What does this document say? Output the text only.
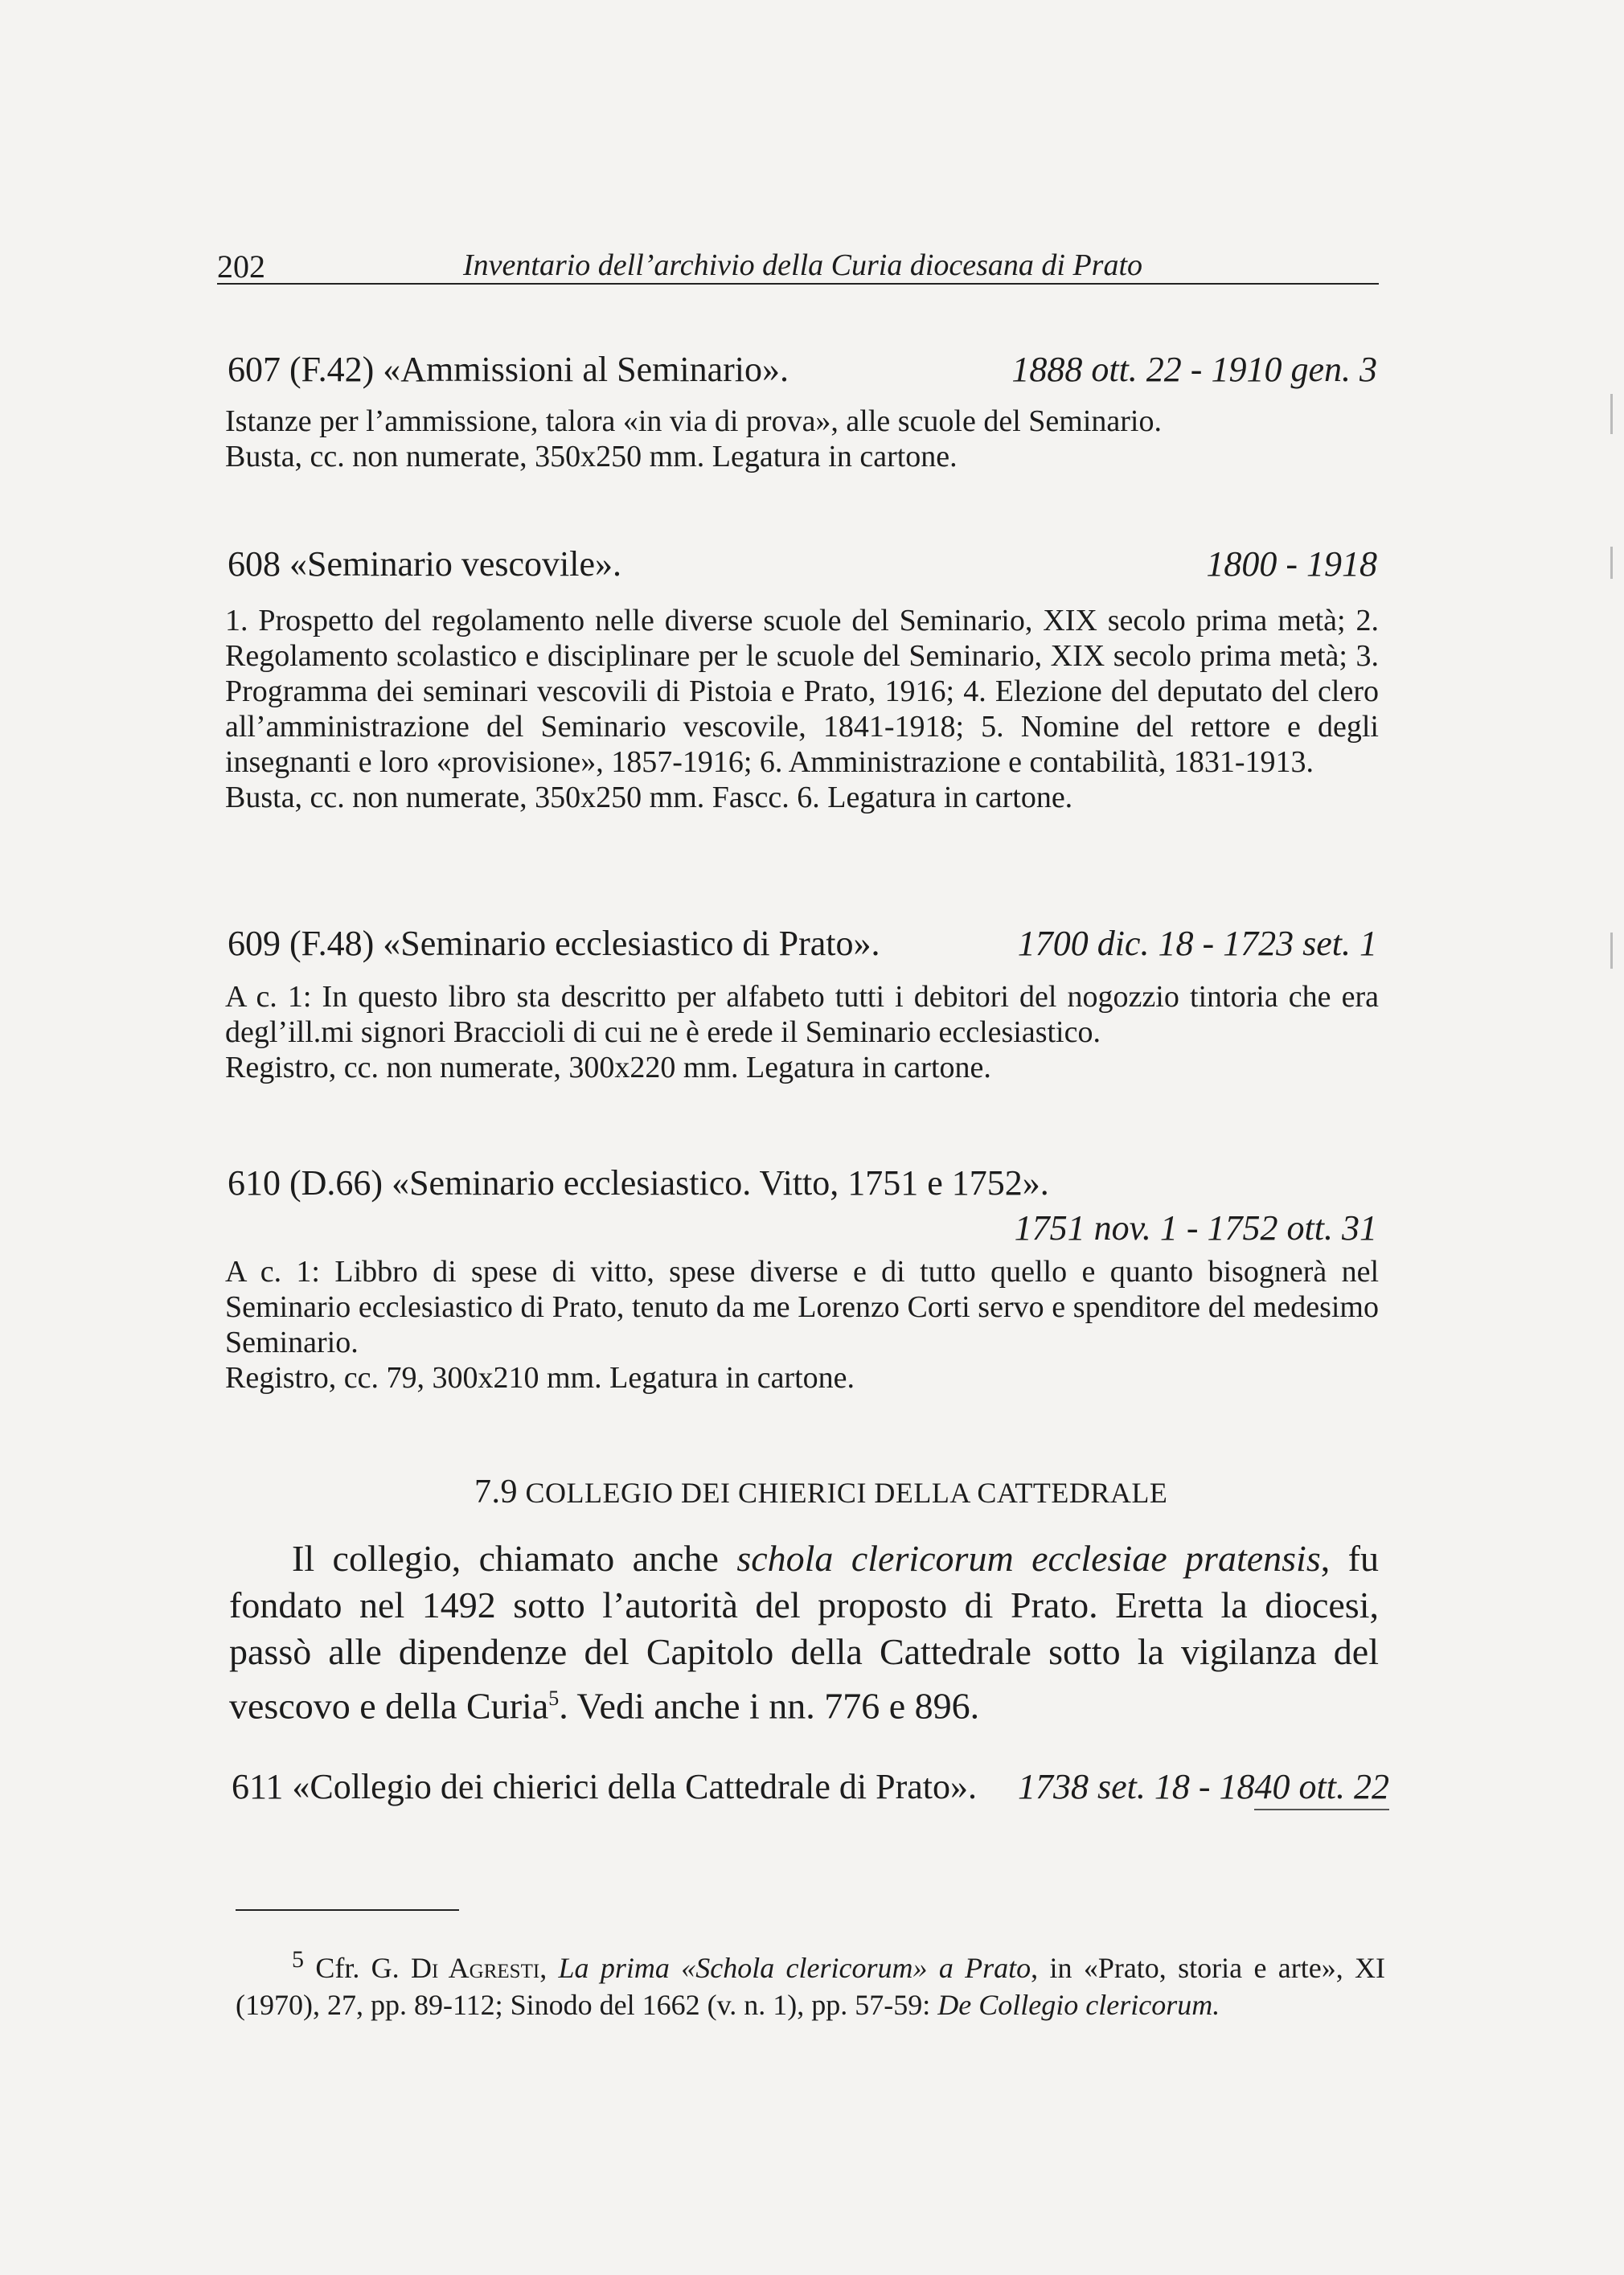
202	Inventario dell’archivio della Curia diocesana di Prato
607 (F.42) «Ammissioni al Seminario».	1888 ott. 22 - 1910 gen. 3

Istanze per l’ammissione, talora «in via di prova», alle scuole del Seminario.

Busta, cc. non numerate, 350x250 mm. Legatura in cartone.

608 «Seminario vescovile».	1800 - 1918

1. Prospetto del regolamento nelle diverse scuole del Seminario, XIX secolo prima metà; 2. Regolamento scolastico e disciplinare per le scuole del Seminario, XIX secolo prima metà; 3. Programma dei seminari vescovili di Pistoia e Prato, 1916; 4. Elezione del deputato del clero all’amministrazione del Seminario vescovile, 1841-1918; 5. Nomine del rettore e degli insegnanti e loro «provisione», 1857-1916; 6. Amministrazione e contabilità, 1831-1913.

Busta, cc. non numerate, 350x250 mm. Fascc. 6. Legatura in cartone.

609 (F.48) «Seminario ecclesiastico di Prato».	1700 dic. 18 - 1723 set. 1

A c. 1: In questo libro sta descritto per alfabeto tutti i debitori del nogozzio tintoria che era degl’ill.mi signori Braccioli di cui ne è erede il Seminario ecclesiastico.

Registro, cc. non numerate, 300x220 mm. Legatura in cartone.

610 (D.66) «Seminario ecclesiastico. Vitto, 1751 e 1752».
1751 nov. 1 - 1752 ott. 31

A c. 1: Libbro di spese di vitto, spese diverse e di tutto quello e quanto bisognerà nel Seminario ecclesiastico di Prato, tenuto da me Lorenzo Corti servo e spenditore del medesimo Seminario.

Registro, cc. 79, 300x210 mm. Legatura in cartone.

7.9 COLLEGIO DEI CHIERICI DELLA CATTEDRALE
Il collegio, chiamato anche schola clericorum ecclesiae pratensis, fu fondato nel 1492 sotto l’autorità del proposto di Prato. Eretta la diocesi, passò alle dipendenze del Capitolo della Cattedrale sotto la vigilanza del vescovo e della Curia$^5$. Vedi anche i nn. 776 e 896.
611 «Collegio dei chierici della Cattedrale di Prato». 1738 set. 18 - 1840 ott. 22
$^5$ Cfr. G. Di Agresti, La prima «Schola clericorum» a Prato, in «Prato, storia e arte», XI (1970), 27, pp. 89-112; Sinodo del 1662 (v. n. 1), pp. 57-59: De Collegio clericorum.
